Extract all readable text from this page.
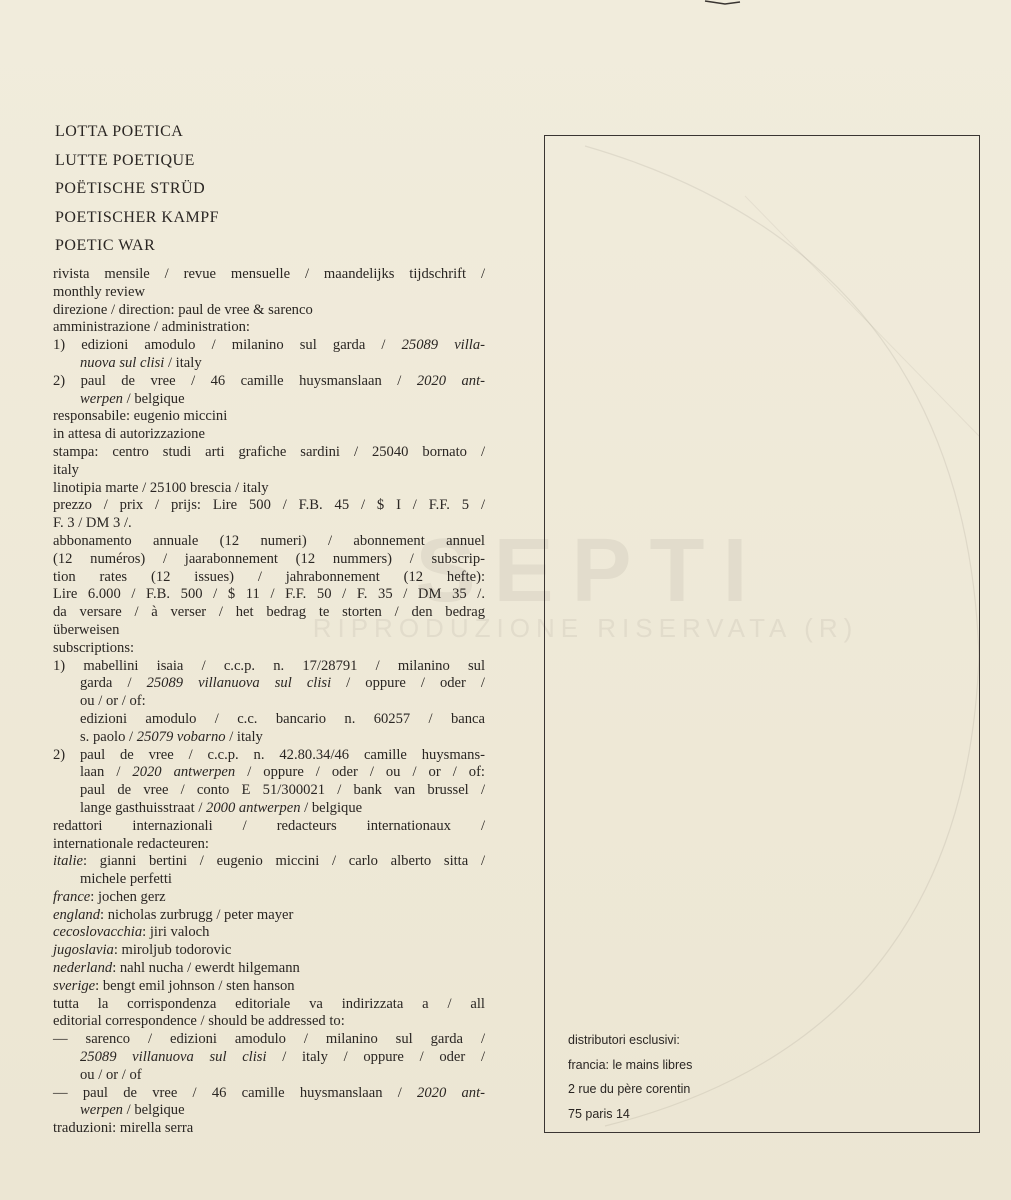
SEPTI
RIPRODUZIONE RISERVATA (R)
LOTTA POETICA
LUTTE POETIQUE
POËTISCHE STRÜD
POETISCHER KAMPF
POETIC WAR
rivista mensile / revue mensuelle / maandelijks tijdschrift /
monthly review
direzione / direction: paul de vree & sarenco
amministrazione / administration:
1) edizioni amodulo / milanino sul garda / 25089 villa-
nuova sul clisi / italy
2) paul de vree / 46 camille huysmanslaan / 2020 ant-
werpen / belgique
responsabile: eugenio miccini
in attesa di autorizzazione
stampa: centro studi arti grafiche sardini / 25040 bornato /
italy
linotipia marte / 25100 brescia / italy
prezzo / prix / prijs: Lire 500 / F.B. 45 / $ I / F.F. 5 /
F. 3 / DM 3 /.
abbonamento annuale (12 numeri) / abonnement annuel
(12 numéros) / jaarabonnement (12 nummers) / subscrip-
tion rates (12 issues) / jahrabonnement (12 hefte):
Lire 6.000 / F.B. 500 / $ 11 / F.F. 50 / F. 35 / DM 35 /.
da versare / à verser / het bedrag te storten / den bedrag
überweisen
subscriptions:
1) mabellini isaia / c.c.p. n. 17/28791 / milanino sul
garda / 25089 villanuova sul clisi / oppure / oder /
ou / or / of:
edizioni amodulo / c.c. bancario n. 60257 / banca
s. paolo / 25079 vobarno / italy
2) paul de vree / c.c.p. n. 42.80.34/46 camille huysmans-
laan / 2020 antwerpen / oppure / oder / ou / or / of:
paul de vree / conto E 51/300021 / bank van brussel /
lange gasthuisstraat / 2000 antwerpen / belgique
redattori internazionali / redacteurs internationaux /
internationale redacteuren:
italie: gianni bertini / eugenio miccini / carlo alberto sitta /
michele perfetti
france: jochen gerz
england: nicholas zurbrugg / peter mayer
cecoslovacchia: jiri valoch
jugoslavia: miroljub todorovic
nederland: nahl nucha / ewerdt hilgemann
sverige: bengt emil johnson / sten hanson
tutta la corrispondenza editoriale va indirizzata a / all
editorial correspondence / should be addressed to:
— sarenco / edizioni amodulo / milanino sul garda /
25089 villanuova sul clisi / italy / oppure / oder /
ou / or / of
— paul de vree / 46 camille huysmanslaan / 2020 ant-
werpen / belgique
traduzioni: mirella serra
distributori esclusivi:
francia: le mains libres
2 rue du père corentin
75 paris 14
